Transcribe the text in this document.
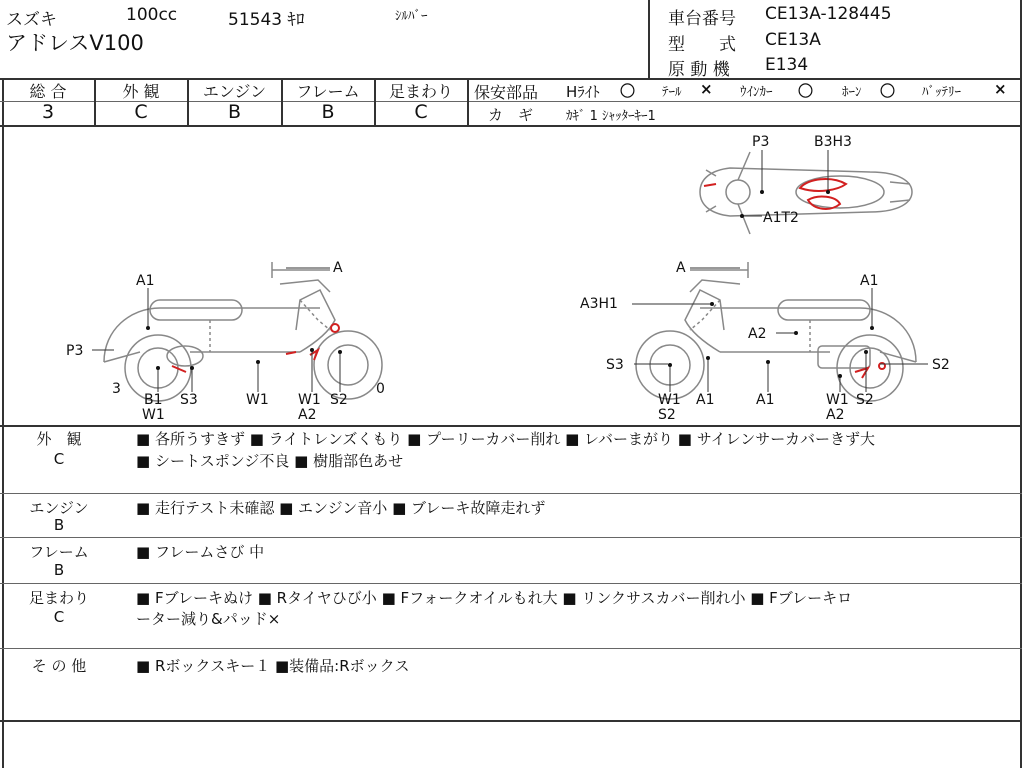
スズキ	100cc	51543 ｷﾛ	ｼﾙﾊﾞｰ
アドレスV100
車台番号 CE13A-128445
型　　式 CE13A
原 動 機 E134
総 合	外 観	エンジン	フレーム	足まわり
3	C	B	B	C
保安部品 Hﾗｲﾄ 〇 ﾃｰﾙ × ｳｲﾝｶｰ 〇 ﾎｰﾝ 〇 ﾊﾞｯﾃﾘｰ ×
カ　ギ	ｶｷﾞ 1 ｼｬｯﾀｰｷｰ1
A
A1
P3
3
B1
W1
S3	W1 W1
A2
S2
0
A
A1
A3H1
A2
S3	S2
W1
S2
A1	A1	W1
A2
S2
P3	B3H3
A1T2
外　観
C
■ 各所うすきず ■ ライトレンズくもり ■ プーリーカバー削れ ■ レバーまがり ■ サイレンサーカバーきず大
■ シートスポンジ不良 ■ 樹脂部色あせ
エンジン
B
■ 走行テスト未確認 ■ エンジン音小 ■ ブレーキ故障走れず
フレーム
B
■ フレームさび 中
足まわり
C
■ Fブレーキぬけ ■ Rタイヤひび小 ■ Fフォークオイルもれ大 ■ リンクサスカバー削れ小 ■ Fブレーキロ
ーター減り&パッド×
そ の 他	■ Rボックスキー１ ■装備品:Rボックス
